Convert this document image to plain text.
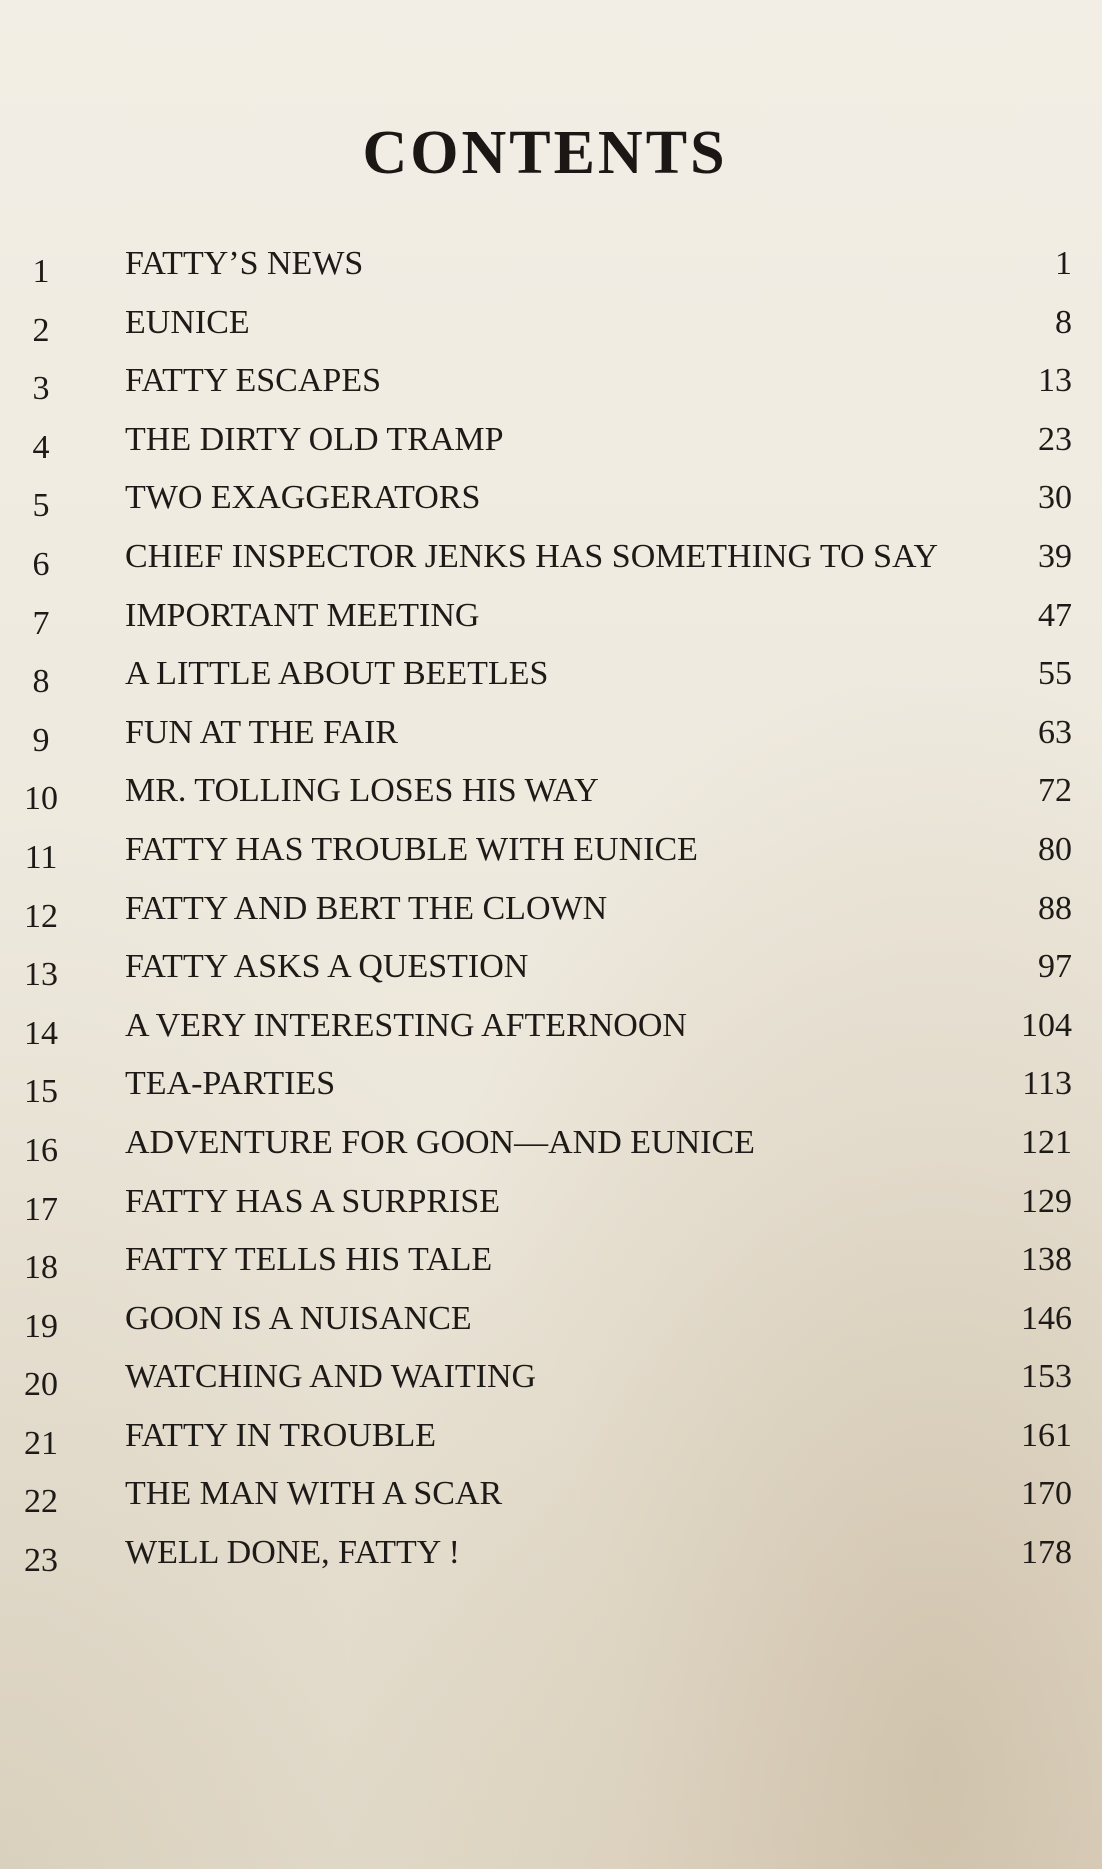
CONTENTS
1	FATTY’S NEWS	1
2	EUNICE	8
3	FATTY ESCAPES	13
4	THE DIRTY OLD TRAMP	23
5	TWO EXAGGERATORS	30
6	CHIEF INSPECTOR JENKS HAS SOMETHING TO SAY	39
7	IMPORTANT MEETING	47
8	A LITTLE ABOUT BEETLES	55
9	FUN AT THE FAIR	63
10 MR. TOLLING LOSES HIS WAY	72
11 FATTY HAS TROUBLE WITH EUNICE	80
12 FATTY AND BERT THE CLOWN	88
13 FATTY ASKS A QUESTION	97
14 A VERY INTERESTING AFTERNOON	104
15 TEA-PARTIES	113
16 ADVENTURE FOR GOON—AND EUNICE	121
17 FATTY HAS A SURPRISE	129
18 FATTY TELLS HIS TALE	138
19 GOON IS A NUISANCE	146
20 WATCHING AND WAITING	153
21 FATTY IN TROUBLE	161
22 THE MAN WITH A SCAR	170
23 WELL DONE, FATTY !	178
